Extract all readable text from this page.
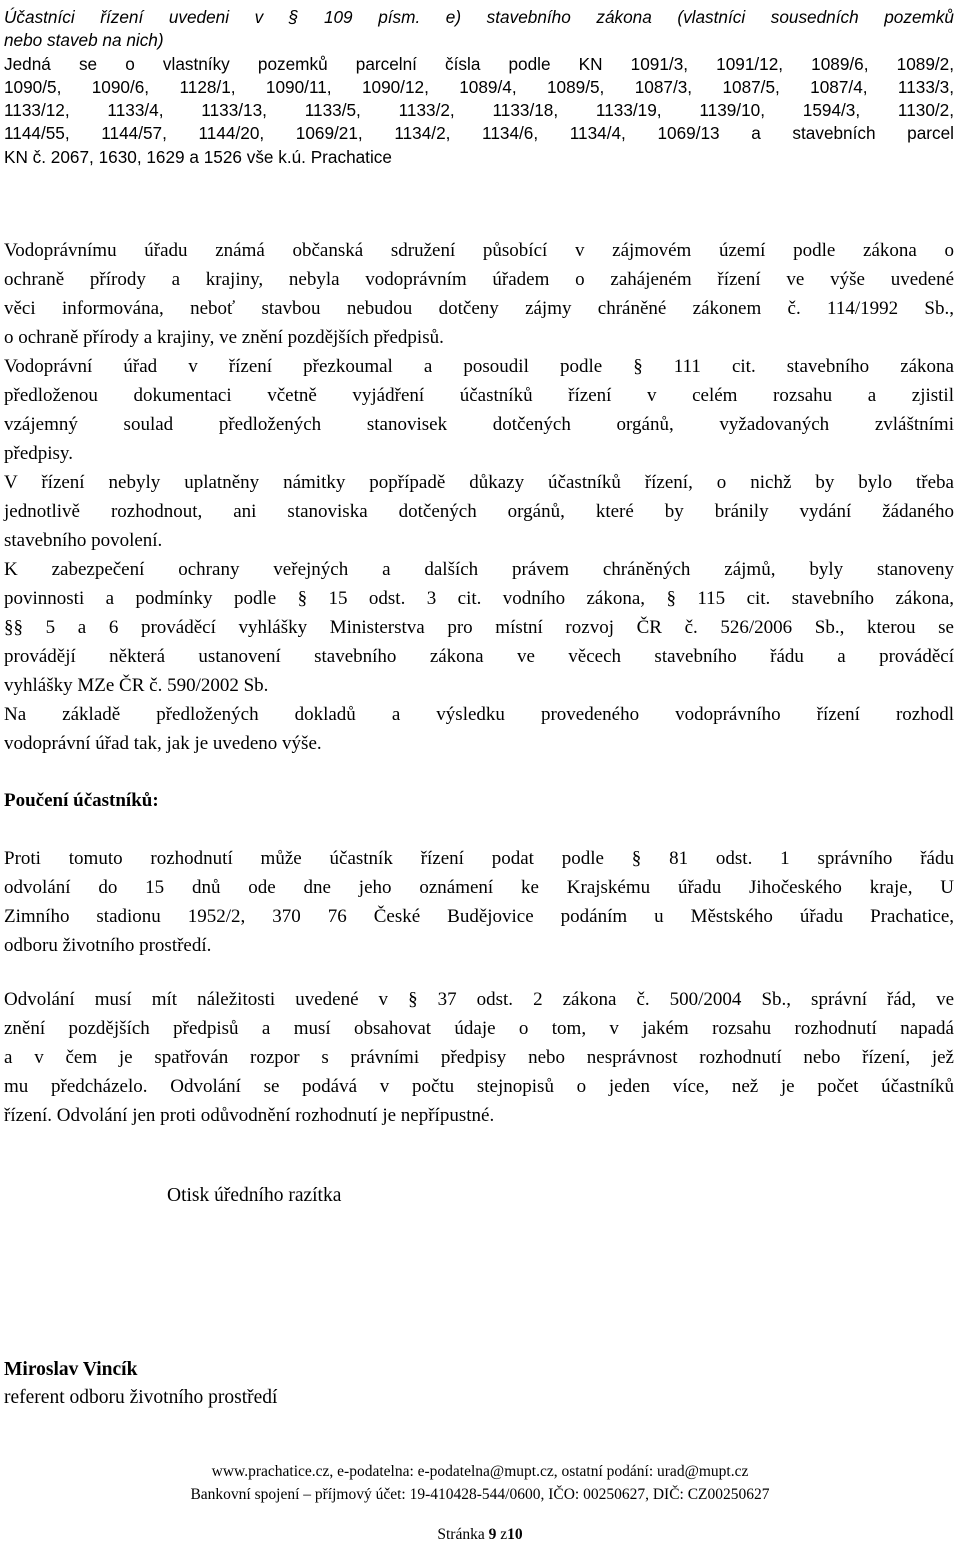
Účastníci řízení uvedeni v § 109 písm. e) stavebního zákona (vlastníci sousedních pozemků
nebo staveb na nich)
Jedná se o vlastníky pozemků parcelní čísla podle KN 1091/3, 1091/12, 1089/6, 1089/2,
1090/5, 1090/6, 1128/1, 1090/11, 1090/12, 1089/4, 1089/5, 1087/3, 1087/5, 1087/4, 1133/3,
1133/12, 1133/4, 1133/13, 1133/5, 1133/2, 1133/18, 1133/19, 1139/10, 1594/3, 1130/2,
1144/55, 1144/57, 1144/20, 1069/21, 1134/2, 1134/6, 1134/4, 1069/13 a stavebních parcel
KN č. 2067, 1630, 1629 a 1526 vše k.ú. Prachatice
Vodoprávnímu úřadu známá občanská sdružení působící v zájmovém území podle zákona o
ochraně přírody a krajiny, nebyla vodoprávním úřadem o zahájeném řízení ve výše uvedené
věci informována, neboť stavbou nebudou dotčeny zájmy chráněné zákonem č. 114/1992 Sb.,
o ochraně přírody a krajiny, ve znění pozdějších předpisů.
Vodoprávní úřad v řízení přezkoumal a posoudil podle § 111 cit. stavebního zákona
předloženou dokumentaci včetně vyjádření účastníků řízení v celém rozsahu a zjistil
vzájemný soulad předložených stanovisek dotčených orgánů, vyžadovaných zvláštními
předpisy.
V řízení nebyly uplatněny námitky popřípadě důkazy účastníků řízení, o nichž by bylo třeba
jednotlivě rozhodnout, ani stanoviska dotčených orgánů, které by bránily vydání žádaného
stavebního povolení.
K zabezpečení ochrany veřejných a dalších právem chráněných zájmů, byly stanoveny
povinnosti a podmínky podle § 15 odst. 3 cit. vodního zákona, § 115 cit. stavebního zákona,
§§ 5 a 6 prováděcí vyhlášky Ministerstva pro místní rozvoj ČR č. 526/2006 Sb., kterou se
provádějí některá ustanovení stavebního zákona ve věcech stavebního řádu a prováděcí
vyhlášky MZe ČR č. 590/2002 Sb.
Na základě předložených dokladů a výsledku provedeného vodoprávního řízení rozhodl
vodoprávní úřad tak, jak je uvedeno výše.
Poučení účastníků:
Proti tomuto rozhodnutí může účastník řízení podat podle § 81 odst. 1 správního řádu
odvolání do 15 dnů ode dne jeho oznámení ke Krajskému úřadu Jihočeského kraje, U
Zimního stadionu 1952/2, 370 76 České Budějovice podáním u Městského úřadu Prachatice,
odboru životního prostředí.
Odvolání musí mít náležitosti uvedené v § 37 odst. 2 zákona č. 500/2004 Sb., správní řád, ve
znění pozdějších předpisů a musí obsahovat údaje o tom, v jakém rozsahu rozhodnutí napadá
a v čem je spatřován rozpor s právními předpisy nebo nesprávnost rozhodnutí nebo řízení, jež
mu předcházelo. Odvolání se podává v počtu stejnopisů o jeden více, než je počet účastníků
řízení. Odvolání jen proti odůvodnění rozhodnutí je nepřípustné.
Otisk úředního razítka
Miroslav Vincík
referent odboru životního prostředí
www.prachatice.cz, e-podatelna: e-podatelna@mupt.cz, ostatní podání: urad@mupt.cz
Bankovní spojení – příjmový účet: 19-410428-544/0600, IČO: 00250627, DIČ: CZ00250627
Stránka 9 z10
